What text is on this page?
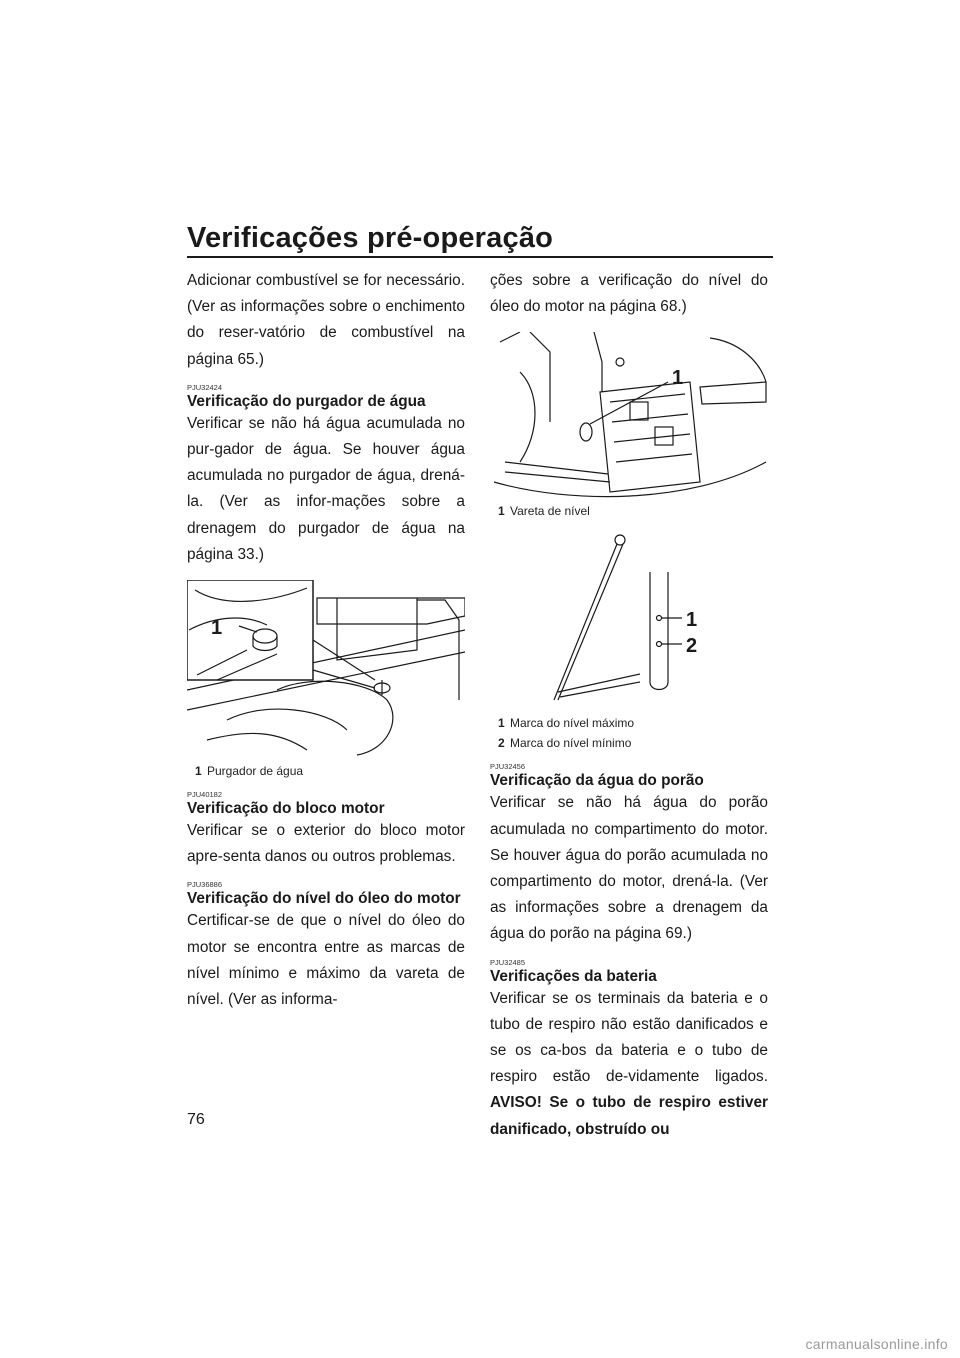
Verificações pré-operação

Adicionar combustível se for necessário. (Ver as informações sobre o enchimento do reser-vatório de combustível na página 65.)

PJU32424
Verificação do purgador de água

Verificar se não há água acumulada no pur-gador de água. Se houver água acumulada no purgador de água, drená-la. (Ver as infor-mações sobre a drenagem do purgador de água na página 33.)

1
1 Purgador de água
PJU40182
Verificação do bloco motor

Verificar se o exterior do bloco motor apre-senta danos ou outros problemas.

PJU36886
Verificação do nível do óleo do motor

Certificar-se de que o nível do óleo do motor se encontra entre as marcas de nível mínimo e máximo da vareta de nível. (Ver as informa-

ções sobre a verificação do nível do óleo do motor na página 68.)

1
1 Vareta de nível
1
2
1 Marca do nível máximo
2 Marca do nível mínimo
PJU32456
Verificação da água do porão

Verificar se não há água do porão acumulada no compartimento do motor. Se houver água do porão acumulada no compartimento do motor, drená-la. (Ver as informações sobre a drenagem da água do porão na página 69.)

PJU32485
Verificações da bateria

Verificar se os terminais da bateria e o tubo de respiro não estão danificados e se os ca-bos da bateria e o tubo de respiro estão de-vidamente ligados. AVISO! Se o tubo de respiro estiver danificado, obstruído ou

76
carmanualsonline.info
